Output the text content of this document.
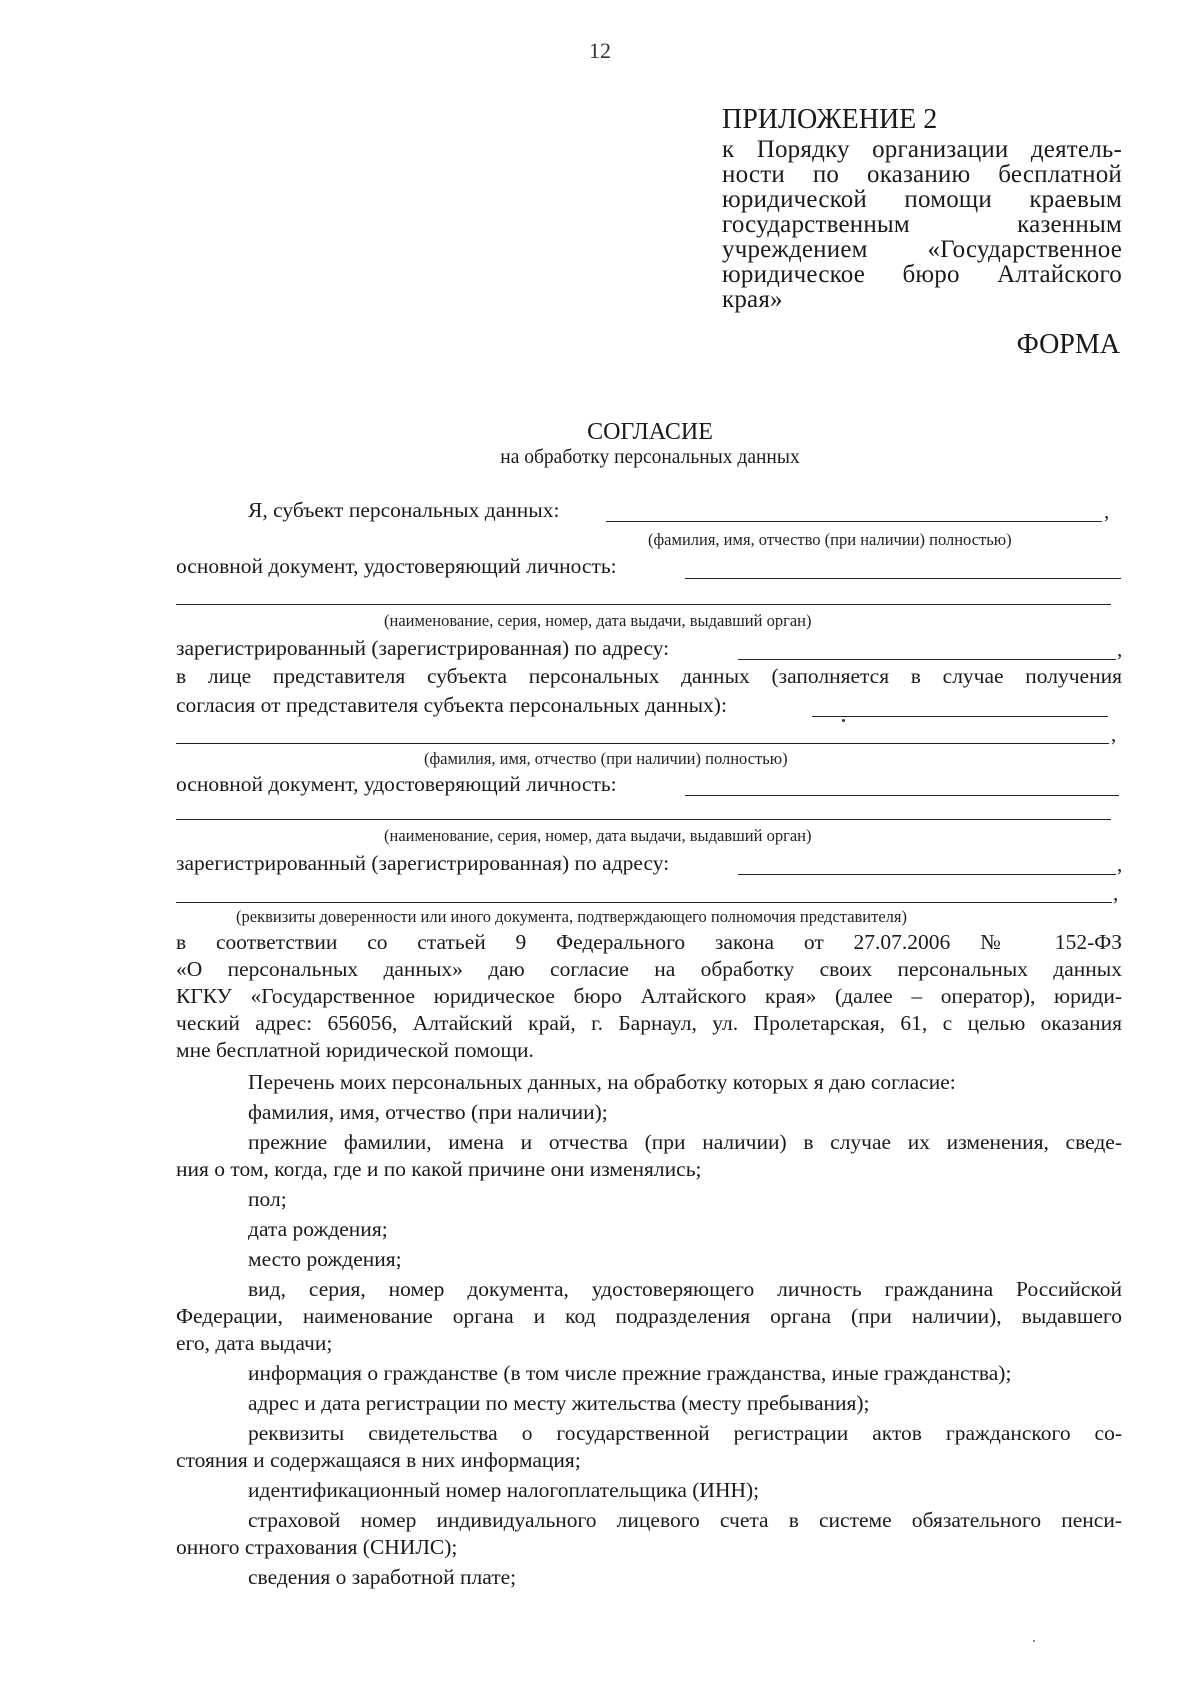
12
ПРИЛОЖЕНИЕ 2
к Порядку организации деятель-
ности по оказанию бесплатной
юридической помощи краевым
государственным казенным
учреждением «Государственное
юридическое бюро Алтайского
края»
ФОРМА
СОГЛАСИЕ
на обработку персональных данных
Я, субъект персональных данных:	,
(фамилия, имя, отчество (при наличии) полностью)
основной документ, удостоверяющий личность:
(наименование, серия, номер, дата выдачи, выдавший орган)
зарегистрированный (зарегистрированная) по адресу:	,
в лице представителя субъекта персональных данных (заполняется в случае получения
согласия от представителя субъекта персональных данных):
,
(фамилия, имя, отчество (при наличии) полностью)
основной документ, удостоверяющий личность:
(наименование, серия, номер, дата выдачи, выдавший орган)
зарегистрированный (зарегистрированная) по адресу:	,
,
(реквизиты доверенности или иного документа, подтверждающего полномочия представителя)
в соответствии со статьей 9 Федерального закона от 27.07.2006 № 152-ФЗ
«О персональных данных» даю согласие на обработку своих персональных данных
КГКУ «Государственное юридическое бюро Алтайского края» (далее – оператор), юриди-
ческий адрес: 656056, Алтайский край, г. Барнаул, ул. Пролетарская, 61, с целью оказания
мне бесплатной юридической помощи.
Перечень моих персональных данных, на обработку которых я даю согласие:
фамилия, имя, отчество (при наличии);
прежние фамилии, имена и отчества (при наличии) в случае их изменения, сведе-
ния о том, когда, где и по какой причине они изменялись;
пол;
дата рождения;
место рождения;
вид, серия, номер документа, удостоверяющего личность гражданина Российской
Федерации, наименование органа и код подразделения органа (при наличии), выдавшего
его, дата выдачи;
информация о гражданстве (в том числе прежние гражданства, иные гражданства);
адрес и дата регистрации по месту жительства (месту пребывания);
реквизиты свидетельства о государственной регистрации актов гражданского со-
стояния и содержащаяся в них информация;
идентификационный номер налогоплательщика (ИНН);
страховой номер индивидуального лицевого счета в системе обязательного пенси-
онного страхования (СНИЛС);
сведения о заработной плате;
